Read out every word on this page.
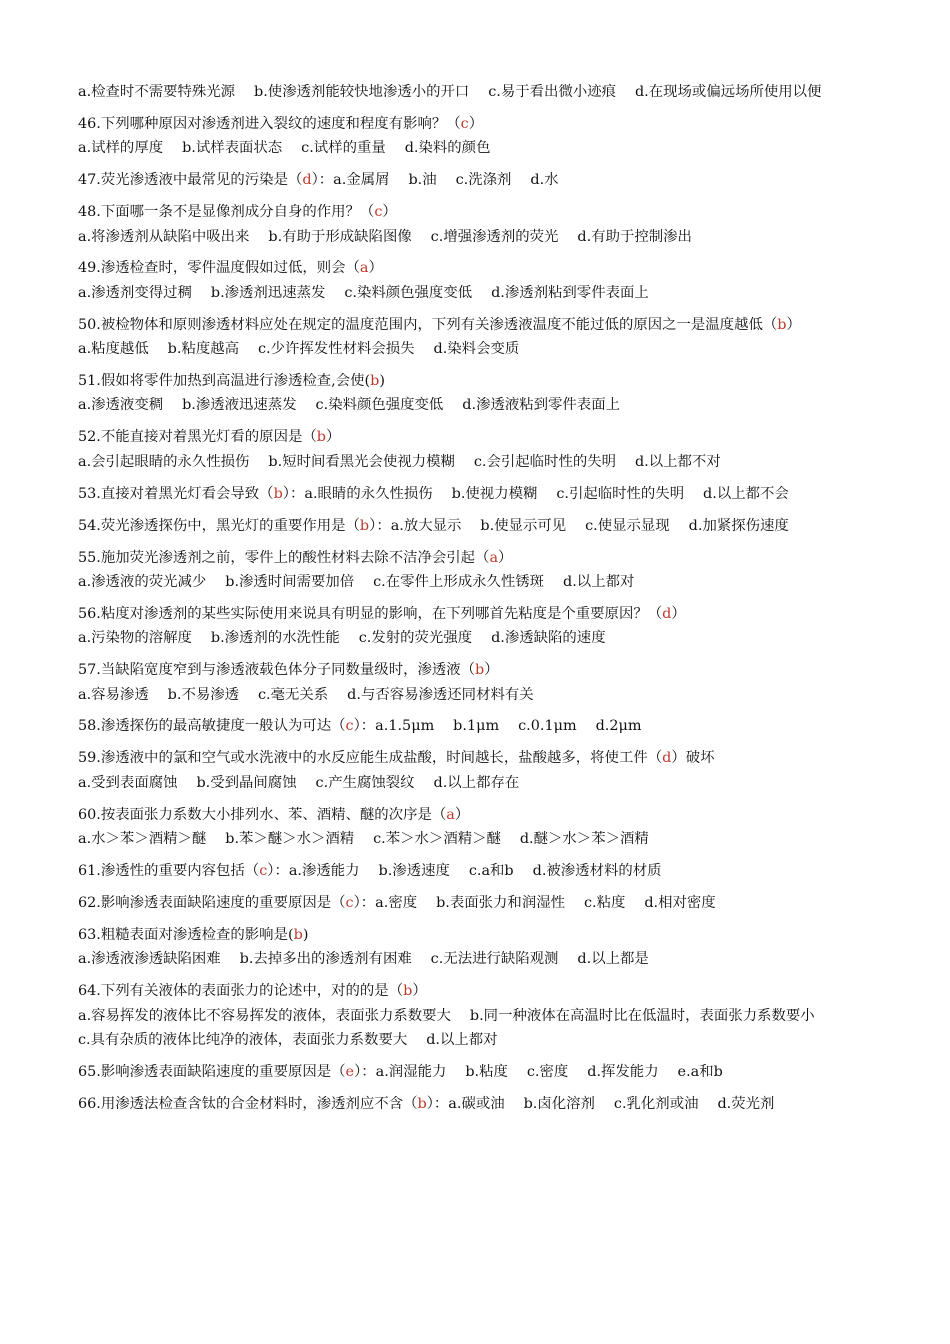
a.检查时不需要特殊光源　 b.使渗透剂能较快地渗透小的开口　 c.易于看出微小迹痕　 d.在现场或偏远场所使用以便
46.下列哪种原因对渗透剂进入裂纹的速度和程度有影响？（c）
a.试样的厚度　 b.试样表面状态　 c.试样的重量　 d.染料的颜色
47.荧光渗透液中最常见的污染是（d）：a.金属屑　 b.油　 c.洗涤剂　 d.水
48.下面哪一条不是显像剂成分自身的作用？（c）
a.将渗透剂从缺陷中吸出来　 b.有助于形成缺陷图像　 c.增强渗透剂的荧光　 d.有助于控制渗出
49.渗透检查时，零件温度假如过低，则会（a）
a.渗透剂变得过稠　 b.渗透剂迅速蒸发　 c.染料颜色强度变低　 d.渗透剂粘到零件表面上
50.被检物体和原则渗透材料应处在规定的温度范围内，下列有关渗透液温度不能过低的原因之一是温度越低（b）
a.粘度越低　 b.粘度越高　 c.少许挥发性材料会损失　 d.染料会变质
51.假如将零件加热到高温进行渗透检查,会使(b)
a.渗透液变稠　 b.渗透液迅速蒸发　 c.染料颜色强度变低　 d.渗透液粘到零件表面上
52.不能直接对着黑光灯看的原因是（b）
a.会引起眼睛的永久性损伤　 b.短时间看黑光会使视力模糊　 c.会引起临时性的失明　 d.以上都不对
53.直接对着黑光灯看会导致（b）：a.眼睛的永久性损伤　 b.使视力模糊　 c.引起临时性的失明　 d.以上都不会
54.荧光渗透探伤中，黑光灯的重要作用是（b）：a.放大显示　 b.使显示可见　 c.使显示显现　 d.加紧探伤速度
55.施加荧光渗透剂之前，零件上的酸性材料去除不洁净会引起（a）
a.渗透液的荧光减少　 b.渗透时间需要加倍　 c.在零件上形成永久性锈斑　 d.以上都对
56.粘度对渗透剂的某些实际使用来说具有明显的影响，在下列哪首先粘度是个重要原因？（d）
a.污染物的溶解度　 b.渗透剂的水洗性能　 c.发射的荧光强度　 d.渗透缺陷的速度
57.当缺陷宽度窄到与渗透液载色体分子同数量级时，渗透液（b）
a.容易渗透　 b.不易渗透　 c.毫无关系　 d.与否容易渗透还同材料有关
58.渗透探伤的最高敏捷度一般认为可达（c）：a.1.5μm　 b.1μm　 c.0.1μm　 d.2μm
59.渗透液中的氯和空气或水洗液中的水反应能生成盐酸，时间越长，盐酸越多，将使工件（d）破坏
a.受到表面腐蚀　 b.受到晶间腐蚀　 c.产生腐蚀裂纹　 d.以上都存在
60.按表面张力系数大小排列水、苯、酒精、醚的次序是（a）
a.水＞苯＞酒精＞醚　 b.苯＞醚＞水＞酒精　 c.苯＞水＞酒精＞醚　 d.醚＞水＞苯＞酒精
61.渗透性的重要内容包括（c）：a.渗透能力　 b.渗透速度　 c.a和b　 d.被渗透材料的材质
62.影响渗透表面缺陷速度的重要原因是（c）：a.密度　 b.表面张力和润湿性　 c.粘度　 d.相对密度
63.粗糙表面对渗透检查的影响是(b)
a.渗透液渗透缺陷困难　 b.去掉多出的渗透剂有困难　 c.无法进行缺陷观测　 d.以上都是
64.下列有关液体的表面张力的论述中，对的的是（b）
a.容易挥发的液体比不容易挥发的液体，表面张力系数要大　 b.同一种液体在高温时比在低温时，表面张力系数要小
c.具有杂质的液体比纯净的液体，表面张力系数要大　 d.以上都对
65.影响渗透表面缺陷速度的重要原因是（e）：a.润湿能力　 b.粘度　 c.密度　 d.挥发能力　 e.a和b
66.用渗透法检查含钛的合金材料时，渗透剂应不含（b）：a.碳或油　 b.卤化溶剂　 c.乳化剂或油　 d.荧光剂
